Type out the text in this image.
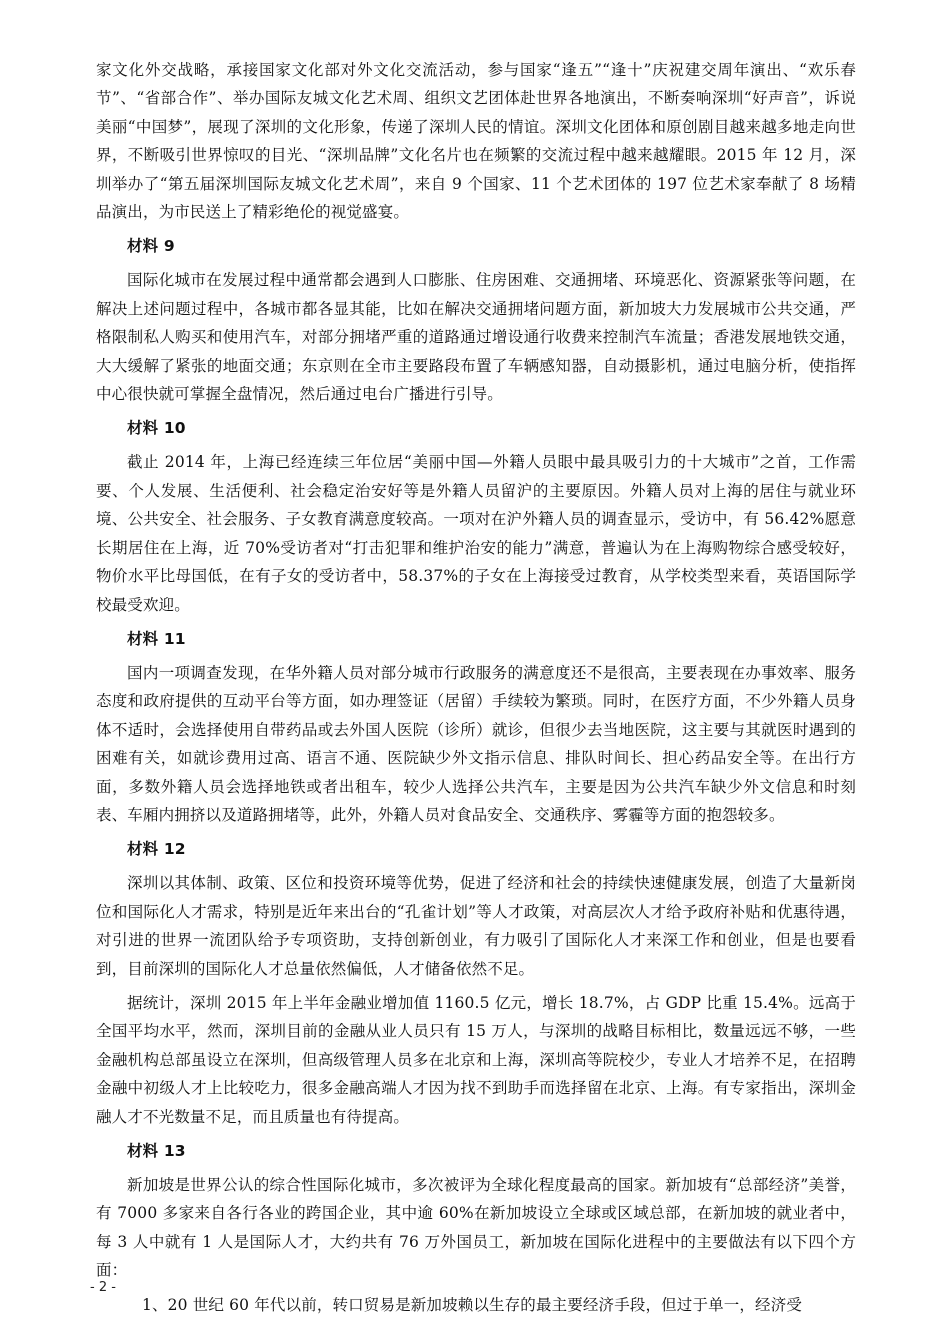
家文化外交战略，承接国家文化部对外文化交流活动，参与国家“逢五”“逢十”庆祝建交周年演出、“欢乐春节”、“省部合作”、举办国际友城文化艺术周、组织文艺团体赴世界各地演出，不断奏响深圳“好声音”，诉说美丽“中国梦”，展现了深圳的文化形象，传递了深圳人民的情谊。深圳文化团体和原创剧目越来越多地走向世界，不断吸引世界惊叹的目光、“深圳品牌”文化名片也在频繁的交流过程中越来越耀眼。2015 年 12 月，深圳举办了“第五届深圳国际友城文化艺术周”，来自 9 个国家、11 个艺术团体的 197 位艺术家奉献了 8 场精品演出，为市民送上了精彩绝伦的视觉盛宴。

材料 9

国际化城市在发展过程中通常都会遇到人口膨胀、住房困难、交通拥堵、环境恶化、资源紧张等问题，在解决上述问题过程中，各城市都各显其能，比如在解决交通拥堵问题方面，新加坡大力发展城市公共交通，严格限制私人购买和使用汽车，对部分拥堵严重的道路通过增设通行收费来控制汽车流量；香港发展地铁交通，大大缓解了紧张的地面交通；东京则在全市主要路段布置了车辆感知器，自动摄影机，通过电脑分析，使指挥中心很快就可掌握全盘情况，然后通过电台广播进行引导。

材料 10

截止 2014 年，上海已经连续三年位居“美丽中国—外籍人员眼中最具吸引力的十大城市”之首，工作需要、个人发展、生活便利、社会稳定治安好等是外籍人员留沪的主要原因。外籍人员对上海的居住与就业环境、公共安全、社会服务、子女教育满意度较高。一项对在沪外籍人员的调查显示，受访中，有 56.42%愿意长期居住在上海，近 70%受访者对“打击犯罪和维护治安的能力”满意，普遍认为在上海购物综合感受较好，物价水平比母国低，在有子女的受访者中，58.37%的子女在上海接受过教育，从学校类型来看，英语国际学校最受欢迎。

材料 11

国内一项调查发现，在华外籍人员对部分城市行政服务的满意度还不是很高，主要表现在办事效率、服务态度和政府提供的互动平台等方面，如办理签证（居留）手续较为繁琐。同时，在医疗方面，不少外籍人员身体不适时，会选择使用自带药品或去外国人医院（诊所）就诊，但很少去当地医院，这主要与其就医时遇到的困难有关，如就诊费用过高、语言不通、医院缺少外文指示信息、排队时间长、担心药品安全等。在出行方面，多数外籍人员会选择地铁或者出租车，较少人选择公共汽车，主要是因为公共汽车缺少外文信息和时刻表、车厢内拥挤以及道路拥堵等，此外，外籍人员对食品安全、交通秩序、雾霾等方面的抱怨较多。

材料 12

深圳以其体制、政策、区位和投资环境等优势，促进了经济和社会的持续快速健康发展，创造了大量新岗位和国际化人才需求，特别是近年来出台的“孔雀计划”等人才政策，对高层次人才给予政府补贴和优惠待遇，对引进的世界一流团队给予专项资助，支持创新创业，有力吸引了国际化人才来深工作和创业，但是也要看到，目前深圳的国际化人才总量依然偏低，人才储备依然不足。

据统计，深圳 2015 年上半年金融业增加值 1160.5 亿元，增长 18.7%，占 GDP 比重 15.4%。远高于全国平均水平，然而，深圳目前的金融从业人员只有 15 万人，与深圳的战略目标相比，数量远远不够，一些金融机构总部虽设立在深圳，但高级管理人员多在北京和上海，深圳高等院校少，专业人才培养不足，在招聘金融中初级人才上比较吃力，很多金融高端人才因为找不到助手而选择留在北京、上海。有专家指出，深圳金融人才不光数量不足，而且质量也有待提高。

材料 13

新加坡是世界公认的综合性国际化城市，多次被评为全球化程度最高的国家。新加坡有“总部经济”美誉，有 7000 多家来自各行各业的跨国企业，其中逾 60%在新加坡设立全球或区域总部，在新加坡的就业者中，每 3 人中就有 1 人是国际人才，大约共有 76 万外国员工，新加坡在国际化进程中的主要做法有以下四个方面：

1、20 世纪 60 年代以前，转口贸易是新加坡赖以生存的最主要经济手段，但过于单一，经济受

- 2 -
